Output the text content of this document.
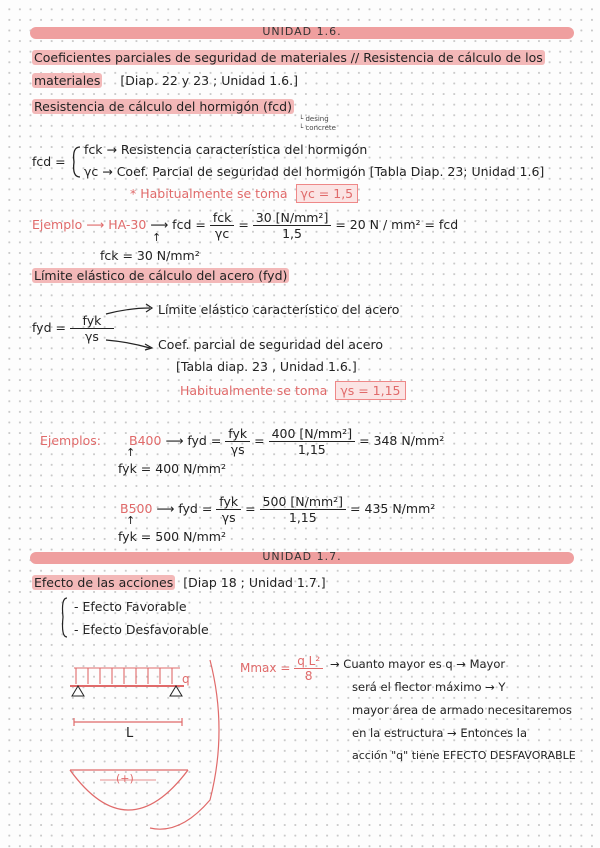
UNIDAD 1.6.
Coeficientes parciales de seguridad de materiales // Resistencia de cálculo de los
materiales [Diap. 22 y 23 ; Unidad 1.6.]
Resistencia de cálculo del hormigón (fcd)
└ desing
└ concrete
fcd =
fck → Resistencia característica del hormigón
γc → Coef. Parcial de seguridad del hormigón [Tabla Diap. 23; Unidad 1.6]
* Habitualmente se toma γc = 1,5
Ejemplo ⟶ HA-30 ⟶ fcd = $\frac{\text{fck}}{\gamma c} = \frac{\text{30 [N/mm²]}}{1,5} = 20$ N / mm² = fcd
↑
fck = 30 N/mm²
Límite elástico de cálculo del acero (fyd)
fyd = $\frac{\text{fyk}}{\gamma s}$
Límite elástico característico del acero
Coef. parcial de seguridad del acero
[Tabla diap. 23 , Unidad 1.6.]
Habitualmente se toma γs = 1,15
Ejemplos: B400 ⟶ fyd = $\frac{\text{fyk}}{\gamma s} = \frac{\text{400 [N/mm²]}}{1,15} = 348$ N/mm²
↑
fyk = 400 N/mm²
B500 ⟶ fyd = $\frac{\text{fyk}}{\gamma s} = \frac{\text{500 [N/mm²]}}{1,15} = 435$ N/mm²
↑
fyk = 500 N/mm²
UNIDAD 1.7.
Efecto de las acciones [Diap 18 ; Unidad 1.7.]
- Efecto Favorable
- Efecto Desfavorable
q
L
(+)
$Mmax = \frac{\text{q L²}}{8}$ → Cuanto mayor es q → Mayor
será el flector máximo → Y
mayor área de armado necesitaremos
en la estructura → Entonces la
acción "q" tiene EFECTO DESFAVORABLE
